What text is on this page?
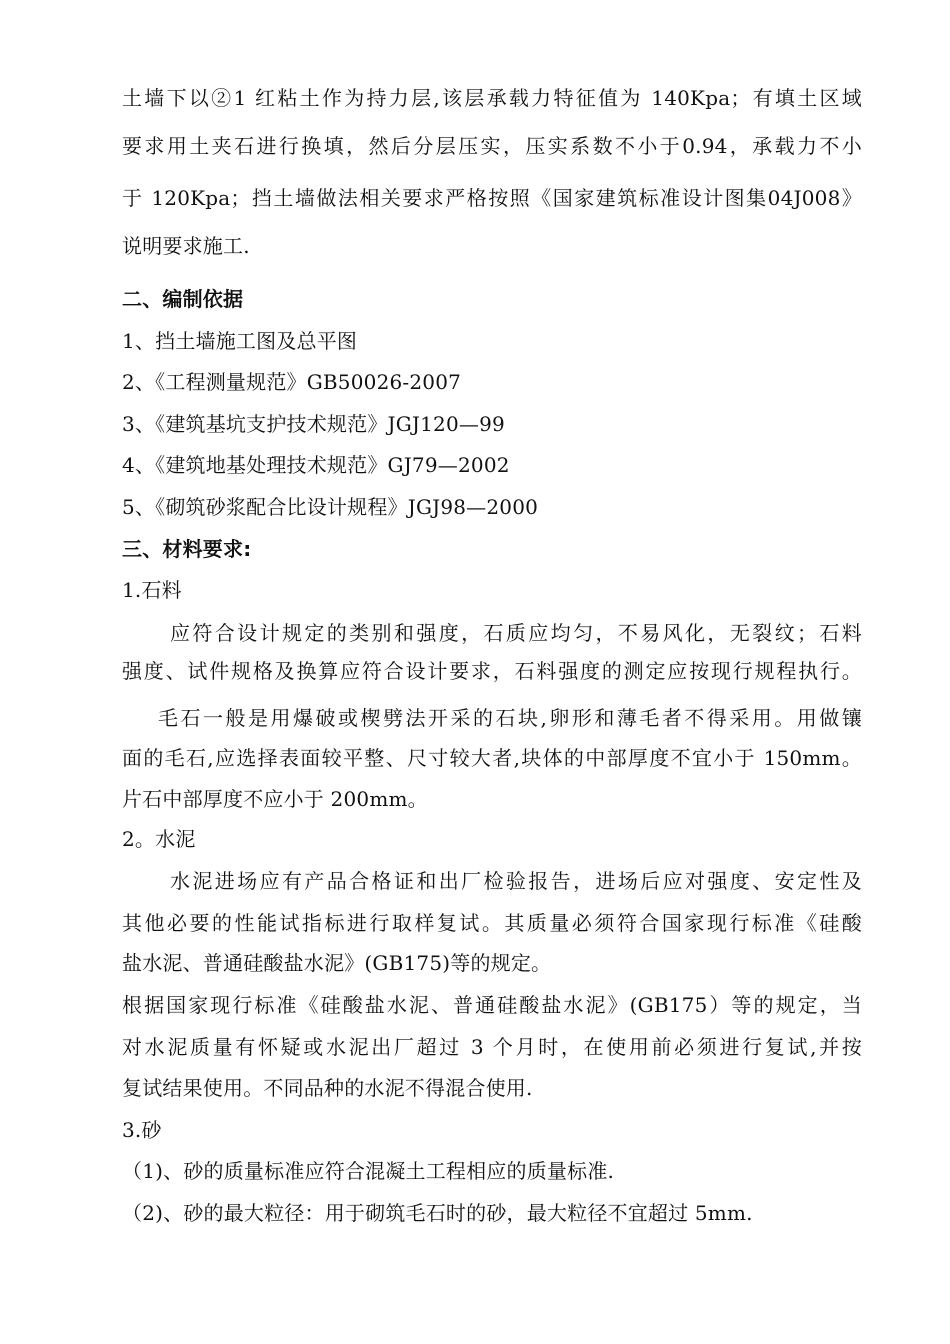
土墙下以②1 红粘土作为持力层,该层承载力特征值为 140Kpa；有填土区域
要求用土夹石进行换填，然后分层压实，压实系数不小于0.94，承载力不小
于 120Kpa；挡土墙做法相关要求严格按照《国家建筑标准设计图集04J008》
说明要求施工.
二、编制依据
1、挡土墙施工图及总平图
2、《工程测量规范》GB50026-2007
3、《建筑基坑支护技术规范》JGJ120—99
4、《建筑地基处理技术规范》GJ79—2002
5、《砌筑砂浆配合比设计规程》JGJ98—2000
三、材料要求:
1.石料
应符合设计规定的类别和强度，石质应均匀，不易风化，无裂纹；石料
强度、试件规格及换算应符合设计要求，石料强度的测定应按现行规程执行。
毛石一般是用爆破或楔劈法开采的石块,卵形和薄毛者不得采用。用做镶
面的毛石,应选择表面较平整、尺寸较大者,块体的中部厚度不宜小于 150mm。
片石中部厚度不应小于 200mm。
2。水泥
水泥进场应有产品合格证和出厂检验报告，进场后应对强度、安定性及
其他必要的性能试指标进行取样复试。其质量必须符合国家现行标准《硅酸
盐水泥、普通硅酸盐水泥》(GB175)等的规定。
根据国家现行标准《硅酸盐水泥、普通硅酸盐水泥》(GB175）等的规定，当
对水泥质量有怀疑或水泥出厂超过 3 个月时，在使用前必须进行复试,并按
复试结果使用。不同品种的水泥不得混合使用.
3.砂
（1)、砂的质量标准应符合混凝土工程相应的质量标准.
（2)、砂的最大粒径：用于砌筑毛石时的砂，最大粒径不宜超过 5mm.
